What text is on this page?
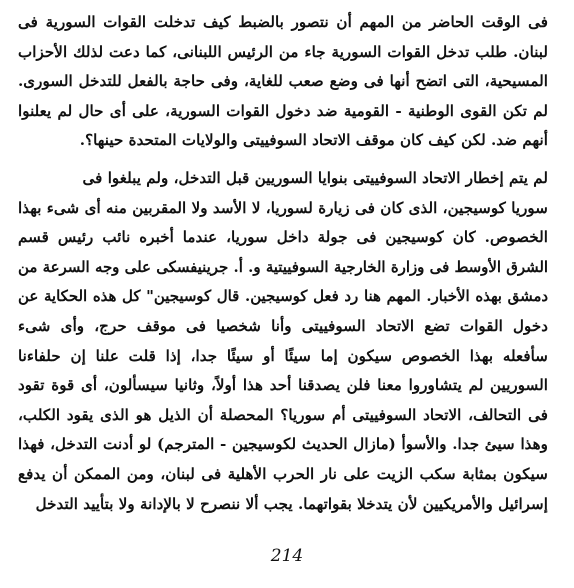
فى الوقت الحاضر من المهم أن نتصور بالضبط كيف تدخلت القوات السورية فى
لبنان. طلب تدخل القوات السورية جاء من الرئيس اللبنانى، كما دعت لذلك الأحزاب
المسيحية، التى اتضح أنها فى وضع صعب للغاية، وفى حاجة بالفعل للتدخل السورى.
لم تكن القوى الوطنية - القومية ضد دخول القوات السورية، على أى حال لم يعلنوا
أنهم ضد. لكن كيف كان موقف الاتحاد السوفييتى والولايات المتحدة حينها؟.
لم يتم إخطار الاتحاد السوفييتى بنوايا السوريين قبل التدخل، ولم يبلغوا فى
سوريا كوسيجين، الذى كان فى زيارة لسوريا، لا الأسد ولا المقربين منه أى شىء بهذا
الخصوص. كان كوسيجين فى جولة داخل سوريا، عندما أخبره نائب رئيس قسم
الشرق الأوسط فى وزارة الخارجية السوفييتية و. أ. جرينيفسكى على وجه السرعة من
دمشق بهذه الأخبار. المهم هنا رد فعل كوسيجين. قال كوسيجين" كل هذه الحكاية عن
دخول القوات تضع الاتحاد السوفييتى وأنا شخصيا فى موقف حرج، وأى شىء
سأفعله بهذا الخصوص سيكون إما سيئًا أو سيئًا جدا، إذا قلت علنا إن حلفاءنا
السوريين لم يتشاوروا معنا فلن يصدقنا أحد هذا أولاً، وثانيا سيسألون، أى قوة تقود
فى التحالف، الاتحاد السوفييتى أم سوريا؟ المحصلة أن الذيل هو الذى يقود الكلب،
وهذا سيئ جدا. والأسوأ (مازال الحديث لكوسيجين - المترجم) لو أدنت التدخل، فهذا
سيكون بمثابة سكب الزيت على نار الحرب الأهلية فى لبنان، ومن الممكن أن يدفع
إسرائيل والأمريكيين لأن يتدخلا بقواتهما. يجب ألا ننصرح لا بالإدانة ولا بتأييد التدخل
214
